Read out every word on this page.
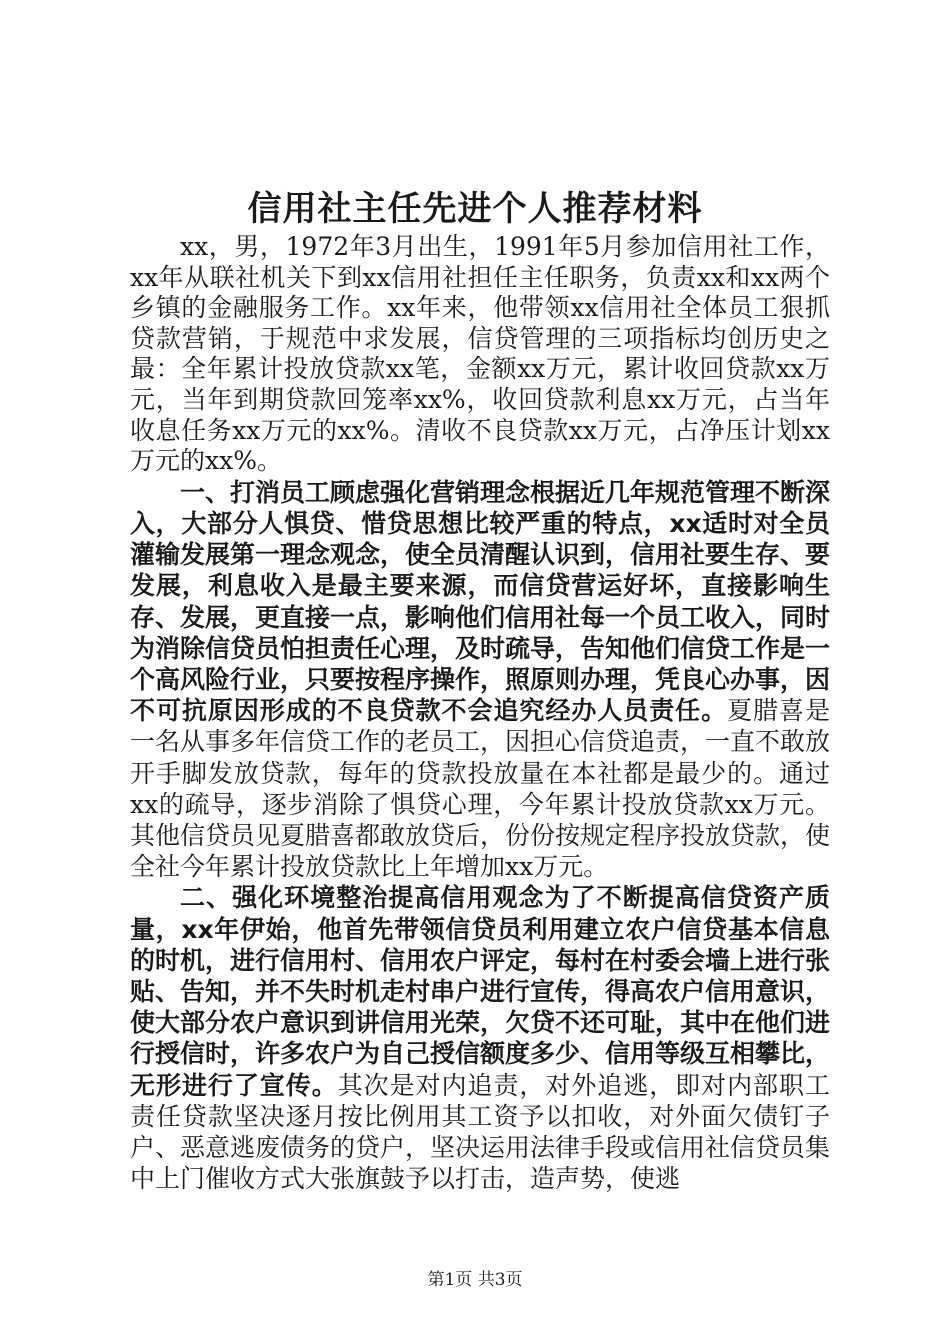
信用社主任先进个人推荐材料

xx，男，1972年3月出生，1991年5月参加信用社工作，xx年从联社机关下到xx信用社担任主任职务，负责xx和xx两个乡镇的金融服务工作。xx年来，他带领xx信用社全体员工狠抓贷款营销，于规范中求发展，信贷管理的三项指标均创历史之最：全年累计投放贷款xx笔，金额xx万元，累计收回贷款xx万元，当年到期贷款回笼率xx%，收回贷款利息xx万元，占当年收息任务xx万元的xx%。清收不良贷款xx万元，占净压计划xx万元的xx%。

一、打消员工顾虑强化营销理念根据近几年规范管理不断深入，大部分人惧贷、惜贷思想比较严重的特点，xx适时对全员灌输发展第一理念观念，使全员清醒认识到，信用社要生存、要发展，利息收入是最主要来源，而信贷营运好坏，直接影响生存、发展，更直接一点，影响他们信用社每一个员工收入，同时为消除信贷员怕担责任心理，及时疏导，告知他们信贷工作是一个高风险行业，只要按程序操作，照原则办理，凭良心办事，因不可抗原因形成的不良贷款不会追究经办人员责任。夏腊喜是一名从事多年信贷工作的老员工，因担心信贷追责，一直不敢放开手脚发放贷款，每年的贷款投放量在本社都是最少的。通过xx的疏导，逐步消除了惧贷心理，今年累计投放贷款xx万元。其他信贷员见夏腊喜都敢放贷后，份份按规定程序投放贷款，使全社今年累计投放贷款比上年增加xx万元。

二、强化环境整治提高信用观念为了不断提高信贷资产质量，xx年伊始，他首先带领信贷员利用建立农户信贷基本信息的时机，进行信用村、信用农户评定，每村在村委会墙上进行张贴、告知，并不失时机走村串户进行宣传，得高农户信用意识，使大部分农户意识到讲信用光荣，欠贷不还可耻，其中在他们进行授信时，许多农户为自己授信额度多少、信用等级互相攀比，无形进行了宣传。其次是对内追责，对外追逃，即对内部职工责任贷款坚决逐月按比例用其工资予以扣收，对外面欠债钉子户、恶意逃废债务的贷户，坚决运用法律手段或信用社信贷员集中上门催收方式大张旗鼓予以打击，造声势，使逃

第1页 共3页
